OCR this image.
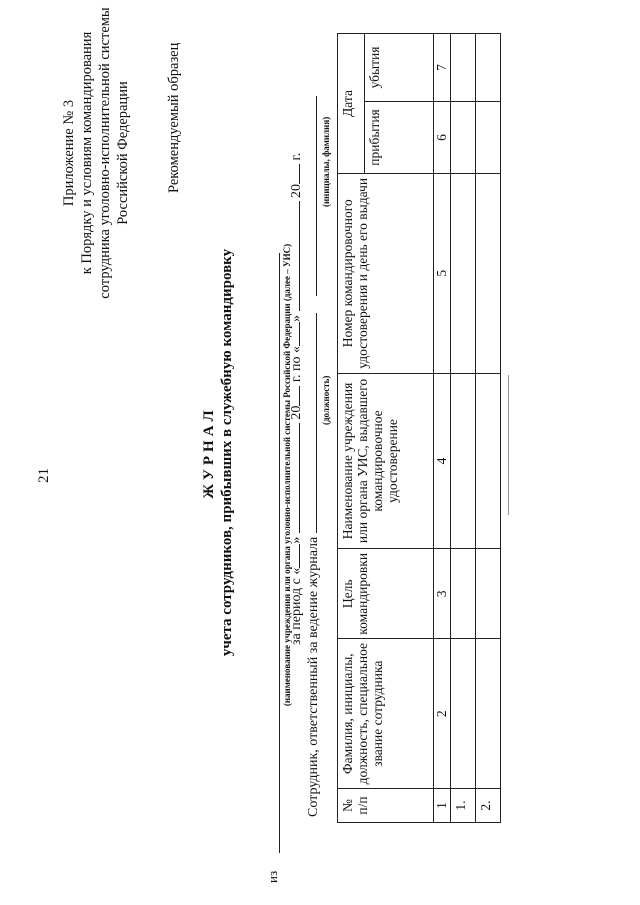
21
Приложение № 3 к Порядку и условиям командирования сотрудника уголовно-исполнительной системы Российской Федерации Рекомендуемый образец
ЖУРНАЛ учета сотрудников, прибывших в служебную командировку
из
(наименование учреждения или органа уголовно-исполнительной системы Российской Федерации (далее – УИС)
за период с «»  20 г. по «»  20 г.
Сотрудник, ответственный за ведение журнала
(должность)
(инициалы, фамилия)
№ п/п	Фамилия, инициалы, должность, специальное звание сотрудника	Цель командировки	Наименование учреждения или органа УИС, выдавшего командировочное удостоверение	Номер командировочного удостоверения и день его выдачи	Дата	
					прибытия	убытия
1	2	3	4	5	6	7
1.						
2.						
